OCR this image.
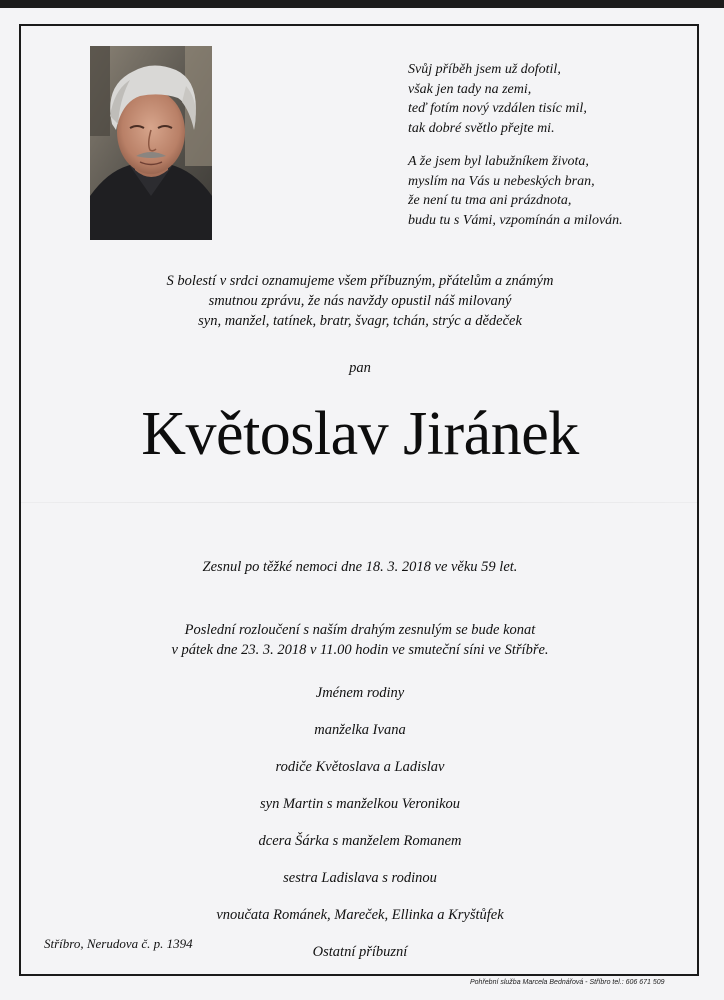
Svůj příběh jsem už dofotil,

však jen tady na zemi,

teď fotím nový vzdálen tisíc mil,

tak dobré světlo přejte mi.

A že jsem byl labužníkem života,

myslím na Vás u nebeských bran,

že není tu tma ani prázdnota,

budu tu s Vámi, vzpomínán a milován.

S bolestí v srdci oznamujeme všem příbuzným, přátelům a známým

smutnou zprávu, že nás navždy opustil náš milovaný

syn, manžel, tatínek, bratr, švagr, tchán, strýc a dědeček

pan

Květoslav Jiránek

Zesnul po těžké nemoci dne 18. 3. 2018 ve věku 59 let.

Poslední rozloučení s naším drahým zesnulým se bude konat

v pátek dne 23. 3. 2018 v 11.00 hodin ve smuteční síni ve Stříbře.

Jménem rodiny
manželka Ivana
rodiče Květoslava a Ladislav
syn Martin s manželkou Veronikou
dcera Šárka s manželem Romanem
sestra Ladislava s rodinou
vnoučata Románek, Mareček, Ellinka a Kryštůfek
Ostatní příbuzní
Stříbro, Nerudova č. p. 1394
Pohřební služba Marcela Bednářová - Stříbro tel.: 606 671 509
